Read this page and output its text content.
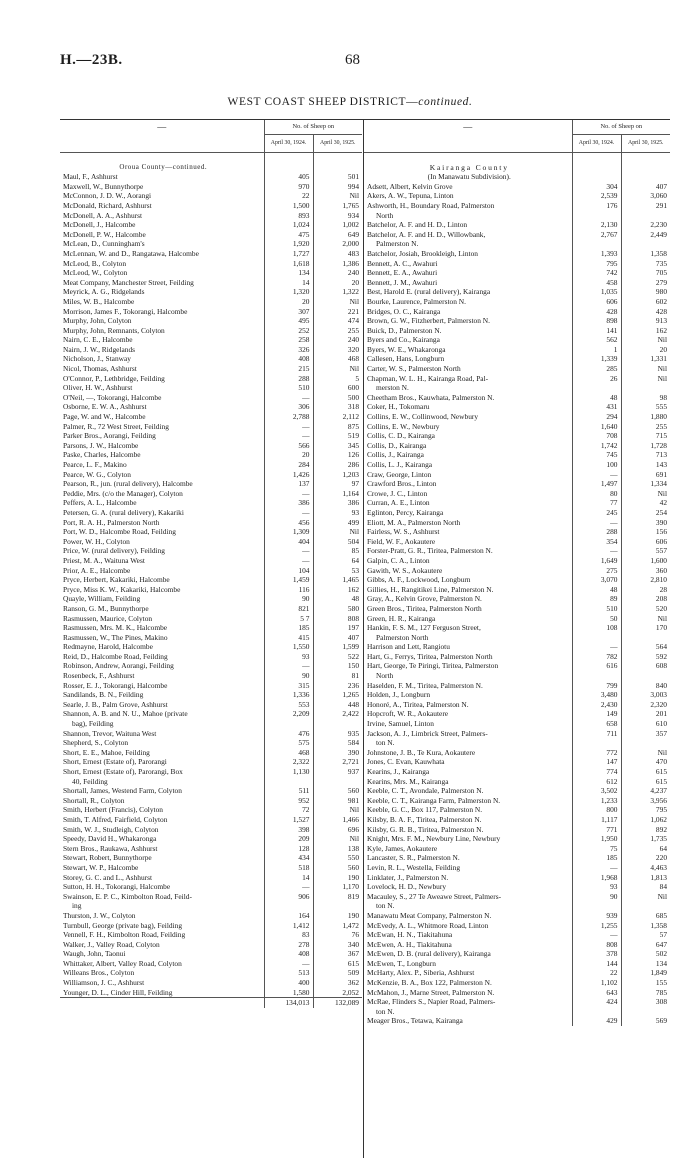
H.—23B.	68
WEST COAST SHEEP DISTRICT—continued.
—	No. of Sheep on	
	April 30, 1924.	April 30, 1925.

Oroua County—continued.		
Maul, F., Ashhurst	405	501
Maxwell, W., Bunnythorpe	970	994
McConnon, J. D. W., Aorangi	22	Nil
McDonald, Richard, Ashhurst	1,500	1,765
McDonell, A. A., Ashhurst	893	934
McDonell, J., Halcombe	1,024	1,002
McDonell, P. W., Halcombe	475	649
McLean, D., Cunningham's	1,920	2,000
McLennan, W. and D., Rangatawa, Halcombe	1,727	483
McLeod, B., Colyton	1,618	1,386
McLeod, W., Colyton	134	240
Meat Company, Manchester Street, Feilding	14	20
Meyrick, A. G., Ridgelands	1,320	1,322
Miles, W. B., Halcombe	20	Nil
Morrison, James F., Tokorangi, Halcombe	307	221
Murphy, John, Colyton	495	474
Murphy, John, Remnants, Colyton	252	255
Nairn, C. E., Halcombe	258	240
Nairn, J. W., Ridgelands	326	320
Nicholson, J., Stanway	408	468
Nicol, Thomas, Ashhurst	215	Nil
O'Connor, P., Lethbridge, Feilding	288	5
Oliver, H. W., Ashhurst	510	600
O'Neil, —, Tokorangi, Halcombe	—	500
Osborne, E. W. A., Ashhurst	306	318
Page, W. and W., Halcombe	2,788	2,112
Palmer, R., 72 West Street, Feilding	—	875
Parker Bros., Aorangi, Feilding	—	519
Parsons, J. W., Halcombe	566	345
Paske, Charles, Halcombe	20	126
Pearce, L. F., Makino	284	286
Pearce, W. G., Colyton	1,426	1,203
Pearson, R., jun. (rural delivery), Halcombe	137	97
Peddie, Mrs. (c/o the Manager), Colyton	—	1,164
Peffers, A. L., Halcombe	386	386
Petersen, G. A. (rural delivery), Kakariki	—	93
Port, R. A. H., Palmerston North	456	499
Port, W. D., Halcombe Road, Feilding	1,309	Nil
Power, W. H., Colyton	404	504
Price, W. (rural delivery), Feilding	—	85
Priest, M. A., Waituna West	—	64
Prior, A. E., Halcombe	104	53
Pryce, Herbert, Kakariki, Halcombe	1,459	1,465
Pryce, Miss K. W., Kakariki, Halcombe	116	162
Quayle, William, Feilding	90	48
Ranson, G. M., Bunnythorpe	821	580
Rasmussen, Maurice, Colyton	5 7	808
Rasmussen, Mrs. M. K., Halcombe	185	197
Rasmussen, W., The Pines, Makino	415	407
Redmayne, Harold, Halcombe	1,550	1,599
Reid, D., Halcombe Road, Feilding	93	522
Robinson, Andrew, Aorangi, Feilding	—	150
Rosenbeck, F., Ashhurst	90	81
Rosser, E. J., Tokorangi, Halcombe	315	236
Sandilands, B. N., Feilding	1,336	1,265
Searle, J. B., Palm Grove, Ashhurst	553	448
Shannon, A. B. and N. U., Mahoe (private	2,209	2,422
bag), Feilding		
Shannon, Trevor, Waituna West	476	935
Shepherd, S., Colyton	575	584
Short, E. E., Mahoe, Feilding	468	390
Short, Ernest (Estate of), Parorangi	2,322	2,721
Short, Ernest (Estate of), Parorangi, Box	1,130	937
40, Feilding		
Shortall, James, Westend Farm, Colyton	511	560
Shortall, R., Colyton	952	981
Smith, Herbert (Francis), Colyton	72	Nil
Smith, T. Alfred, Fairfield, Colyton	1,527	1,466
Smith, W. J., Studleigh, Colyton	398	696
Speedy, David H., Whakaronga	209	Nil
Stern Bros., Raukawa, Ashhurst	128	138
Stewart, Robert, Bunnythorpe	434	550
Stewart, W. P., Halcombe	518	560
Storey, G. C. and L., Ashhurst	14	190
Sutton, H. H., Tokorangi, Halcombe	—	1,170
Swainson, E. P. C., Kimbolton Road, Feild-	906	819
ing		
Thurston, J. W., Colyton	164	190
Turnbull, George (private bag), Feilding	1,412	1,472
Vennell, F. H., Kimbolton Road, Feilding	83	76
Walker, J., Valley Road, Colyton	278	340
Waugh, John, Taonui	408	367
Whittaker, Albert, Valley Road, Colyton	—	615
Willeans Bros., Colyton	513	509
Williamson, J. C., Ashhurst	400	362
Younger, D. L., Cinder Hill, Feilding	1,580	2,052
	134,013	132,089
—	No. of Sheep on	
	April 30, 1924.	April 30, 1925.

Kairanga County		
(In Manawatu Subdivision).		
Adsett, Albert, Kelvin Grove	304	407
Akers, A. W., Tepuna, Linton	2,539	3,060
Ashworth, H., Boundary Road, Palmerston	176	291
North		
Batchelor, A. F. and H. D., Linton	2,130	2,230
Batchelor, A. F. and H. D., Willowbank,	2,767	2,449
Palmerston N.		
Batchelor, Josiah, Brookleigh, Linton	1,393	1,358
Bennett, A. C., Awahuri	795	735
Bennett, E. A., Awahuri	742	705
Bennett, J. M., Awahuri	458	279
Best, Harold E. (rural delivery), Kairanga	1,035	980
Bourke, Laurence, Palmerston N.	606	602
Bridges, O. C., Kairanga	428	428
Brown, G. W., Fitzherbert, Palmerston N.	898	913
Buick, D., Palmerston N.	141	162
Byers and Co., Kairanga	562	Nil
Byers, W. E., Whakaronga	1	20
Callesen, Hans, Longburn	1,339	1,331
Carter, W. S., Palmerston North	285	Nil
Chapman, W. L. H., Kairanga Road, Pal-	26	Nil
merston N.		
Cheetham Bros., Kauwhata, Palmerston N.	48	98
Coker, H., Tokomaru	431	555
Collins, E. W., Collinwood, Newbury	294	1,880
Collins, E. W., Newbury	1,640	255
Collis, C. D., Kairanga	708	715
Collis, D., Kairanga	1,742	1,728
Collis, J., Kairanga	745	713
Collis, L. J., Kairanga	100	143
Craw, George, Linton	—	691
Crawford Bros., Linton	1,497	1,334
Crowe, J. C., Linton	80	Nil
Curran, A. E., Linton	77	42
Eglinton, Percy, Kairanga	245	254
Eliott, M. A., Palmerston North	—	390
Fairless, W. S., Ashhurst	288	156
Field, W. F., Aokautere	354	606
Forster-Pratt, G. R., Tiritea, Palmerston N.	—	557
Galpin, C. A., Linton	1,649	1,600
Gawith, W. S., Aokautere	275	360
Gibbs, A. F., Lockwood, Longburn	3,070	2,810
Gillies, H., Rangitikei Line, Palmerston N.	48	28
Gray, A., Kelvin Grove, Palmerston N.	89	208
Green Bros., Tiritea, Palmerston North	510	520
Green, H. R., Kairanga	50	Nil
Hankin, F. S. M., 127 Ferguson Street,	108	170
Palmerston North		
Harrison and Lett, Rangiotu	—	564
Hart, G., Ferrys, Tiritea, Palmerston North	782	592
Hart, George, Te Piringi, Tiritea, Palmerston	616	608
North		
Haselden, F. M., Tiritea, Palmerston N.	799	840
Holden, J., Longburn	3,480	3,003
Honoré, A., Tiritea, Palmerston N.	2,430	2,320
Hopcroft, W. R., Aokautere	149	201
Irvine, Samuel, Linton	658	610
Jackson, A. J., Limbrick Street, Palmers-	711	357
ton N.		
Johnstone, J. B., Te Kura, Aokautere	772	Nil
Jones, C. Evan, Kauwhata	147	470
Kearins, J., Kairanga	774	615
Kearins, Mrs. M., Kairanga	612	615
Keeble, C. T., Avondale, Palmerston N.	3,502	4,237
Keeble, C. T., Kairanga Farm, Palmerston N.	1,233	3,956
Keeble, G. C., Box 117, Palmerston N.	800	795
Kilsby, B. A. F., Tiritea, Palmerston N.	1,117	1,062
Kilsby, G. R. B., Tiritea, Palmerston N.	771	892
Knight, Mrs. F. M., Newbury Line, Newbury	1,950	1,735
Kyle, James, Aokautere	75	64
Lancaster, S. R., Palmerston N.	185	220
Levin, R. L., Westella, Feilding	—	4,463
Linklater, J., Palmerston N.	1,968	1,813
Lovelock, H. D., Newbury	93	84
Macauley, S., 27 Te Aweawe Street, Palmers-	90	Nil
ton N.		
Manawatu Meat Company, Palmerston N.	939	685
McEvedy, A. L., Whitmore Road, Linton	1,255	1,358
McEwan, H. N., Tiakitahuna	—	57
McEwen, A. H., Tiakitahuna	808	647
McEwen, D. B. (rural delivery), Kairanga	378	502
McEwen, T., Longburn	144	134
McHarty, Alex. P., Siberia, Ashhurst	22	1,849
McKenzie, B. A., Box 122, Palmerston N.	1,102	155
McMahon, J., Marne Street, Palmerston N.	643	785
McRae, Flinders S., Napier Road, Palmers-	424	308
ton N.		
Meager Bros., Tetawa, Kairanga	429	569
